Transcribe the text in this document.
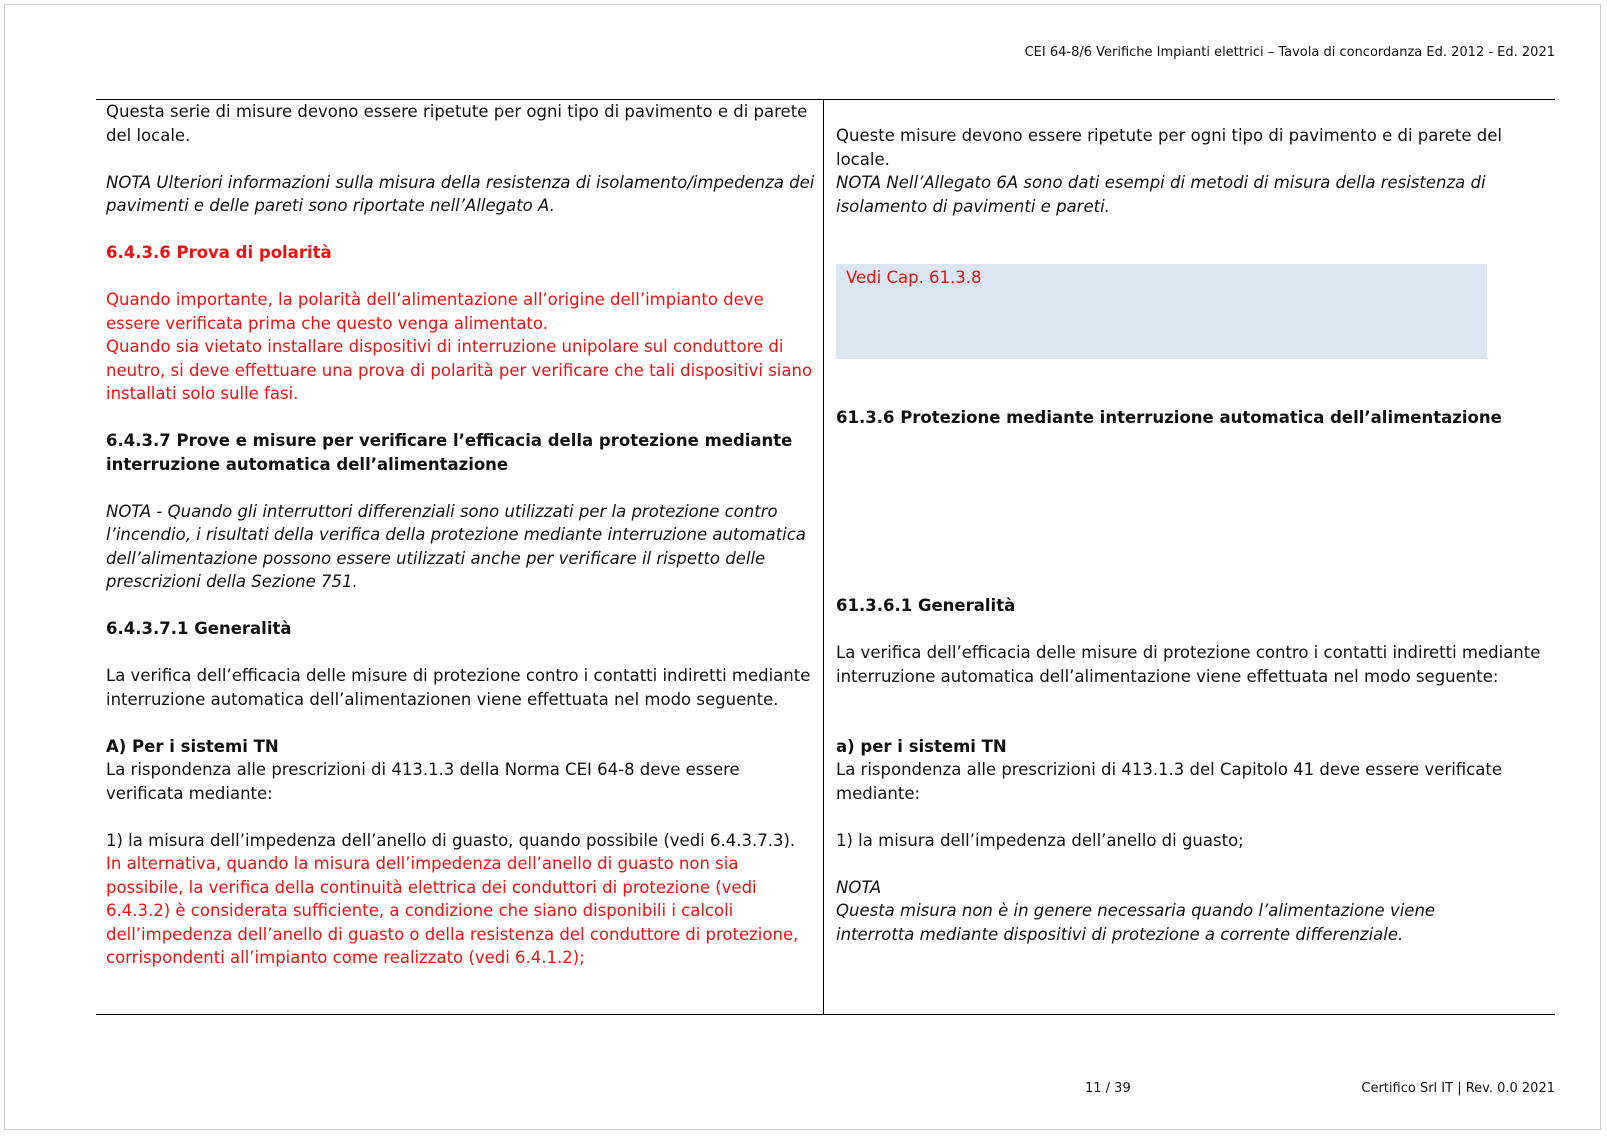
CEI 64-8/6 Verifiche Impianti elettrici – Tavola di concordanza Ed. 2012 - Ed. 2021

Questa serie di misure devono essere ripetute per ogni tipo di pavimento e di parete del locale.

NOTA Ulteriori informazioni sulla misura della resistenza di isolamento/impedenza dei pavimenti e delle pareti sono riportate nell’Allegato A.

6.4.3.6 Prova di polarità

Quando importante, la polarità dell’alimentazione all’origine dell’impianto deve essere verificata prima che questo venga alimentato.

Quando sia vietato installare dispositivi di interruzione unipolare sul conduttore di neutro, si deve effettuare una prova di polarità per verificare che tali dispositivi siano installati solo sulle fasi.

6.4.3.7 Prove e misure per verificare l’efficacia della protezione mediante interruzione automatica dell’alimentazione

NOTA - Quando gli interruttori differenziali sono utilizzati per la protezione contro l’incendio, i risultati della verifica della protezione mediante interruzione automatica dell’alimentazione possono essere utilizzati anche per verificare il rispetto delle prescrizioni della Sezione 751.

6.4.3.7.1 Generalità

La verifica dell’efficacia delle misure di protezione contro i contatti indiretti mediante interruzione automatica dell’alimentazionen viene effettuata nel modo seguente.

A) Per i sistemi TN

La rispondenza alle prescrizioni di 413.1.3 della Norma CEI 64-8 deve essere verificata mediante:

1) la misura dell’impedenza dell’anello di guasto, quando possibile (vedi 6.4.3.7.3).

In alternativa, quando la misura dell’impedenza dell’anello di guasto non sia possibile, la verifica della continuità elettrica dei conduttori di protezione (vedi 6.4.3.2) è considerata sufficiente, a condizione che siano disponibili i calcoli dell’impedenza dell’anello di guasto o della resistenza del conduttore di protezione, corrispondenti all’impianto come realizzato (vedi 6.4.1.2);

Queste misure devono essere ripetute per ogni tipo di pavimento e di parete del locale.

NOTA Nell’Allegato 6A sono dati esempi di metodi di misura della resistenza di isolamento di pavimenti e pareti.

61.3.6 Protezione mediante interruzione automatica dell’alimentazione

61.3.6.1 Generalità

La verifica dell’efficacia delle misure di protezione contro i contatti indiretti mediante interruzione automatica dell’alimentazione viene effettuata nel modo seguente:

a) per i sistemi TN

La rispondenza alle prescrizioni di 413.1.3 del Capitolo 41 deve essere verificate mediante:

1) la misura dell’impedenza dell’anello di guasto;

NOTA

Questa misura non è in genere necessaria quando l’alimentazione viene interrotta mediante dispositivi di protezione a corrente differenziale.

Vedi Cap. 61.3.8
11 / 39	Certifico Srl IT | Rev. 0.0 2021
